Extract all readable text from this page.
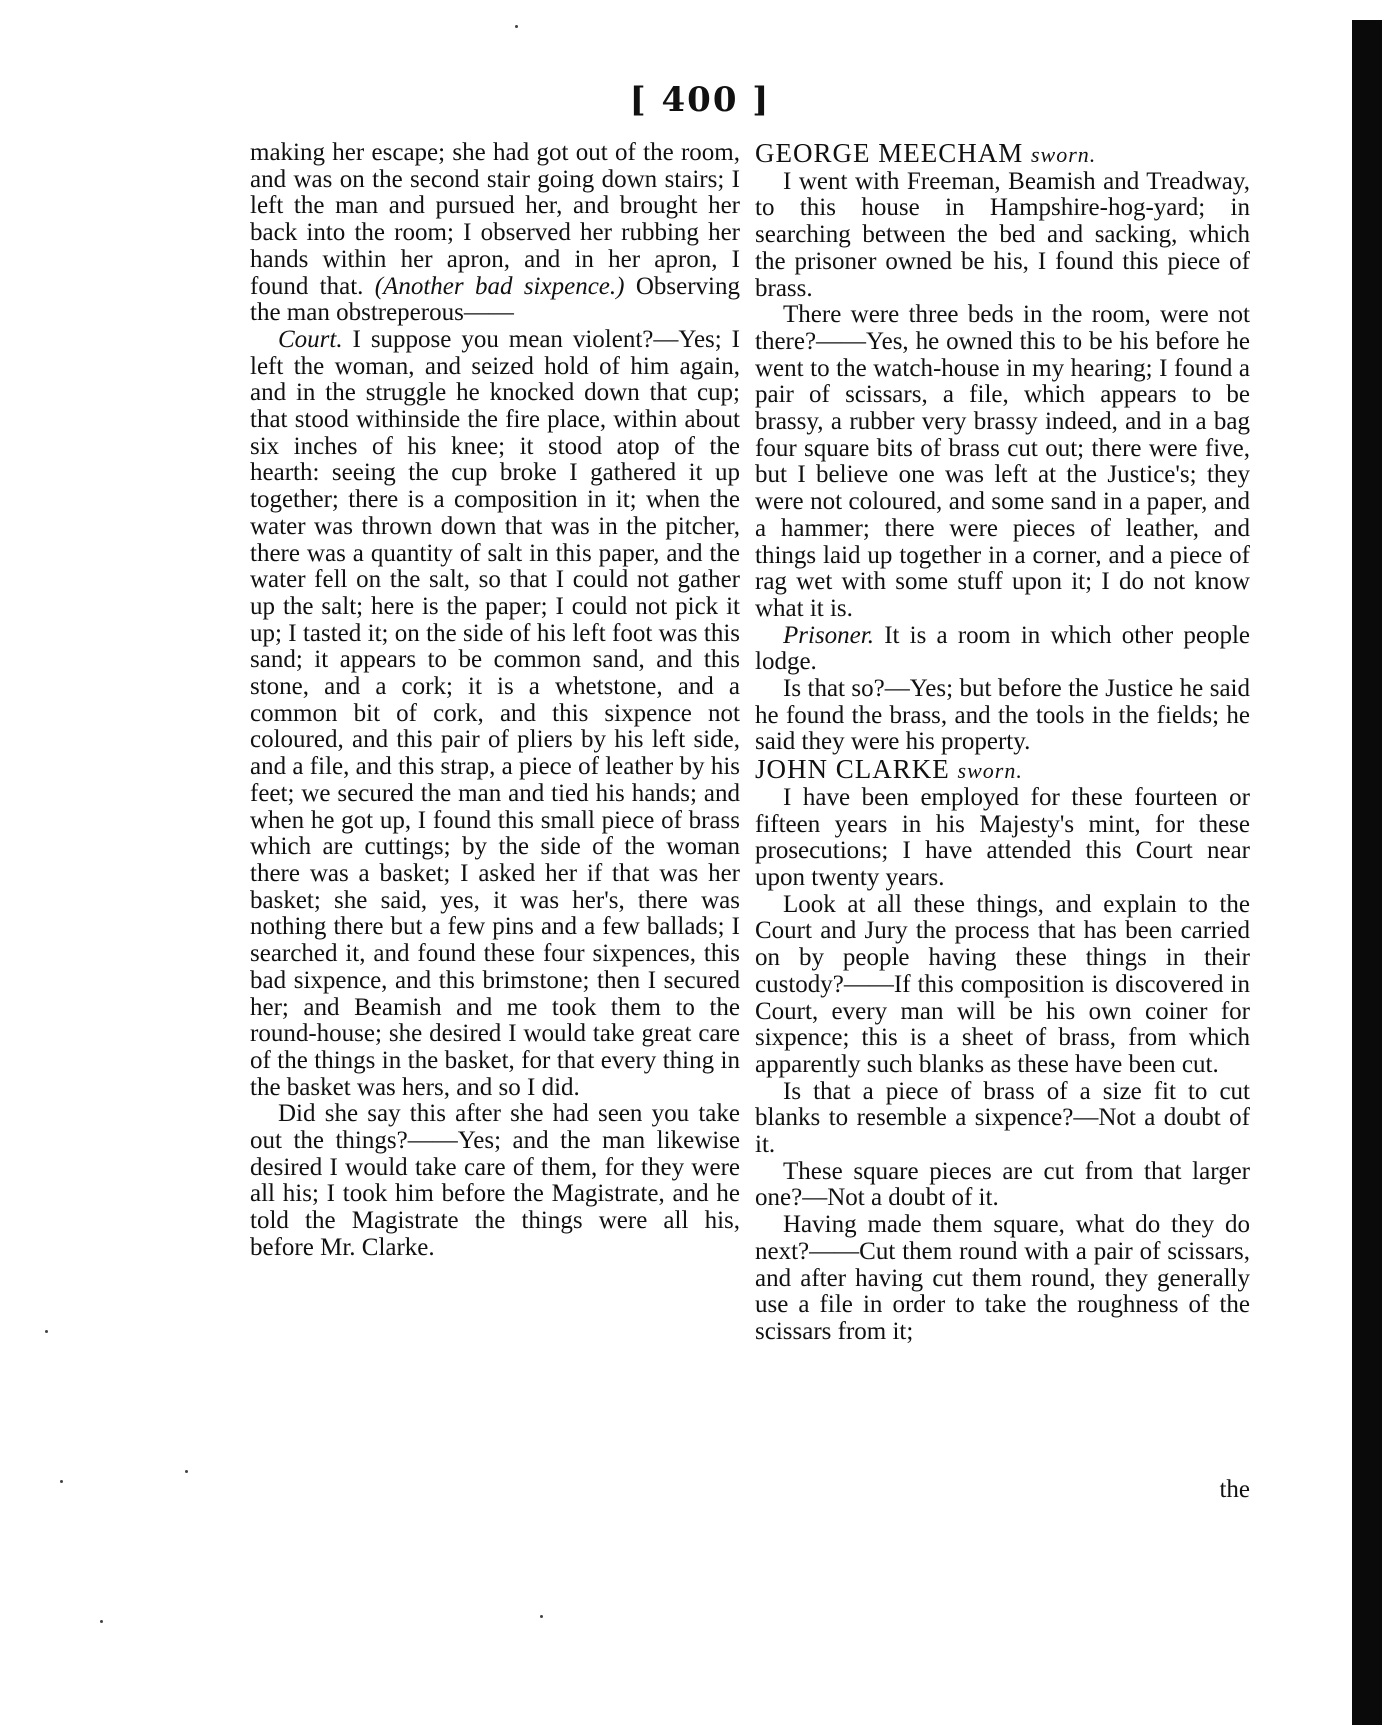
[ 400 ]

making her escape; she had got out of the room, and was on the second stair going down stairs; I left the man and pursued her, and brought her back into the room; I observed her rubbing her hands within her apron, and in her apron, I found that. (Another bad sixpence.) Observing the man obstreperous——

Court. I suppose you mean violent?—Yes; I left the woman, and seized hold of him again, and in the struggle he knocked down that cup; that stood withinside the fire place, within about six inches of his knee; it stood atop of the hearth: seeing the cup broke I gathered it up together; there is a composition in it; when the water was thrown down that was in the pitcher, there was a quantity of salt in this paper, and the water fell on the salt, so that I could not gather up the salt; here is the paper; I could not pick it up; I tasted it; on the side of his left foot was this sand; it appears to be common sand, and this stone, and a cork; it is a whetstone, and a common bit of cork, and this sixpence not coloured, and this pair of pliers by his left side, and a file, and this strap, a piece of leather by his feet; we secured the man and tied his hands; and when he got up, I found this small piece of brass which are cuttings; by the side of the woman there was a basket; I asked her if that was her basket; she said, yes, it was her's, there was nothing there but a few pins and a few ballads; I searched it, and found these four sixpences, this bad sixpence, and this brimstone; then I secured her; and Beamish and me took them to the round-house; she desired I would take great care of the things in the basket, for that every thing in the basket was hers, and so I did.

Did she say this after she had seen you take out the things?——Yes; and the man likewise desired I would take care of them, for they were all his; I took him before the Magistrate, and he told the Magistrate the things were all his, before Mr. Clarke.

GEORGE MEECHAM sworn.

I went with Freeman, Beamish and Treadway, to this house in Hampshire-hog-yard; in searching between the bed and sacking, which the prisoner owned be his, I found this piece of brass.

There were three beds in the room, were not there?——Yes, he owned this to be his before he went to the watch-house in my hearing; I found a pair of scissars, a file, which appears to be brassy, a rubber very brassy indeed, and in a bag four square bits of brass cut out; there were five, but I believe one was left at the Justice's; they were not coloured, and some sand in a paper, and a hammer; there were pieces of leather, and things laid up together in a corner, and a piece of rag wet with some stuff upon it; I do not know what it is.

Prisoner. It is a room in which other people lodge.

Is that so?—Yes; but before the Justice he said he found the brass, and the tools in the fields; he said they were his property.

JOHN CLARKE sworn.

I have been employed for these fourteen or fifteen years in his Majesty's mint, for these prosecutions; I have attended this Court near upon twenty years.

Look at all these things, and explain to the Court and Jury the process that has been carried on by people having these things in their custody?——If this composition is discovered in Court, every man will be his own coiner for sixpence; this is a sheet of brass, from which apparently such blanks as these have been cut.

Is that a piece of brass of a size fit to cut blanks to resemble a sixpence?—Not a doubt of it.

These square pieces are cut from that larger one?—Not a doubt of it.

Having made them square, what do they do next?——Cut them round with a pair of scissars, and after having cut them round, they generally use a file in order to take the roughness of the scissars from it;

the
